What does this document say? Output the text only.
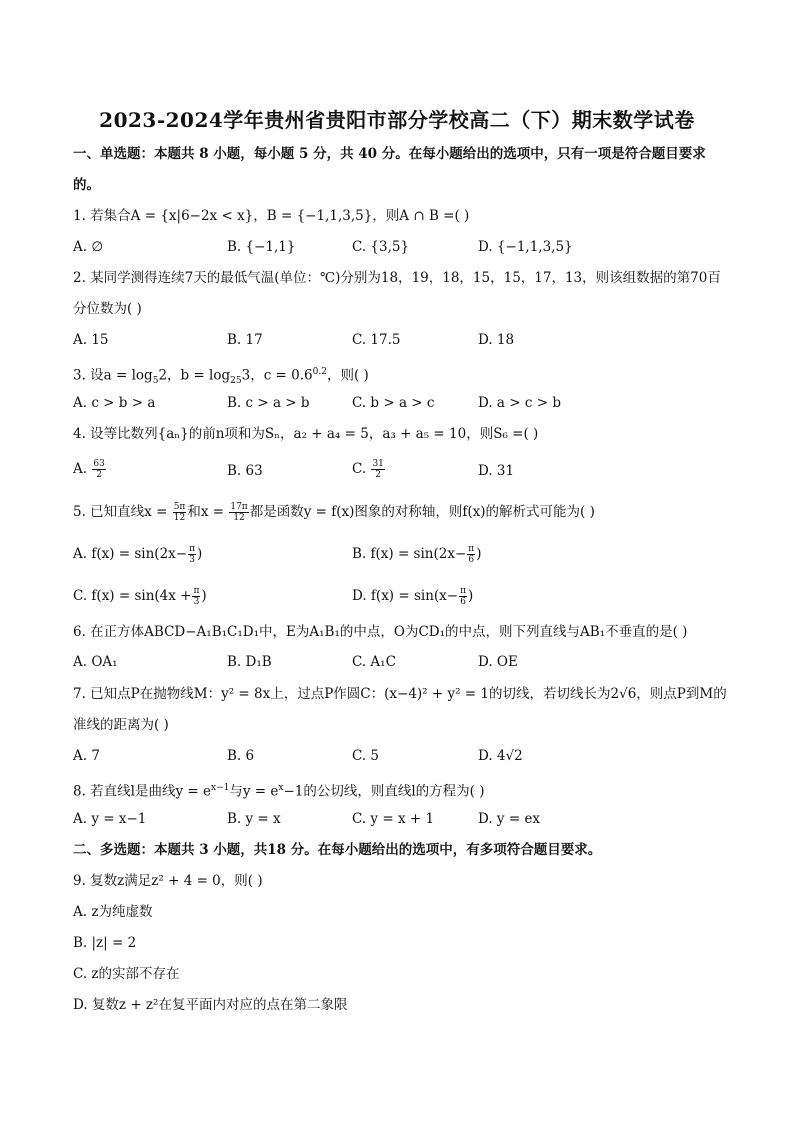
2023-2024学年贵州省贵阳市部分学校高二（下）期末数学试卷
一、单选题：本题共 8 小题，每小题 5 分，共 40 分。在每小题给出的选项中，只有一项是符合题目要求
的。
1. 若集合A = {x|6−2x < x}，B = {−1,1,3,5}，则A ∩ B =( )
A. ∅	B. {−1,1}	C. {3,5}	D. {−1,1,3,5}
2. 某同学测得连续7天的最低气温(单位：℃)分别为18，19，18，15，15，17，13，则该组数据的第70百
分位数为( )
A. 15	B. 17	C. 17.5	D. 18
3. 设$a = \log_52$，$b = \log_{25}3$，$c = 0.6^{0.2}$，则( )
A. c > b > a	B. c > a > b	C. b > a > c	D. a > c > b
4. 设等比数列{aₙ}的前n项和为Sₙ，a₂ + a₄ = 5，a₃ + a₅ = 10，则S₆ =( )
A. $\frac{63}{2}$	B. 63	C. $\frac{31}{2}$	D. 31
5. 已知直线$x = \frac{5\pi}{12}$ 和$x = \frac{17\pi}{12}$ 都是函数y = f(x)图象的对称轴，则f(x)的解析式可能为( )
A. $f(x) = \sin(2x- \frac{\pi}{3}$ )	B. $f(x) = \sin(2x- \frac{\pi}{6}$ )
C. $f(x) = \sin(4x + \frac{\pi}{3}$ )	D. $f(x) = \sin(x- \frac{\pi}{6}$ )
6. 在正方体ABCD−A₁B₁C₁D₁中，E为A₁B₁的中点，O为CD₁的中点，则下列直线与AB₁不垂直的是( )
A. OA₁	B. D₁B	C. A₁C	D. OE
7. 已知点P在抛物线M：y² = 8x上，过点P作圆C：(x−4)² + y² = 1的切线，若切线长为2√6，则点P到M的
准线的距离为( )
A. 7	B. 6	C. 5	D. 4√2
8. 若直线l是曲线$y = e^{x-1}$与$y = e^x-1$的公切线，则直线l的方程为( )
A. y = x−1	B. y = x	C. y = x + 1	D. y = ex
二、多选题：本题共 3 小题，共18 分。在每小题给出的选项中，有多项符合题目要求。
9. 复数z满足z² + 4 = 0，则( )
A. z为纯虚数
B. |z| = 2
C. z的实部不存在
D. 复数z + z²在复平面内对应的点在第二象限
